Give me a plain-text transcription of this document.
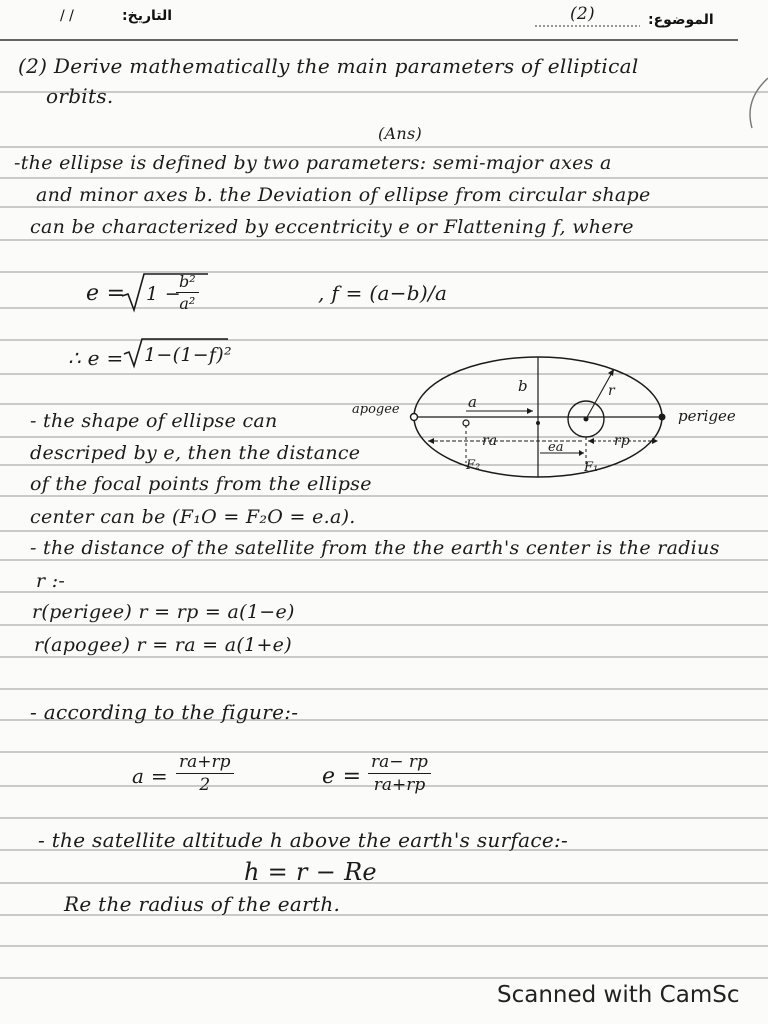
:التاريخ
/ /	:الموضوع
(2)
(2) Derive mathematically the main parameters of elliptical
orbits.
(Ans)
-the ellipse is defined by two parameters: semi-major axes a
and minor axes b. the Deviation of ellipse from circular shape
can be characterized by eccentricity e or Flattening f, where
e = 1 −
$\frac{\text{b²}}{\text{a²}}$	, f = (a−b)/a
∴ e = 1−(1−f)²
- the shape of ellipse can
descriped by e, then the distance
of the focal points from the ellipse
center can be (F₁O = F₂O = e.a).
apogee	perigee
a
b	r
ra	rp
ea
F₂	F₁
- the distance of the satellite from the the earth's center is the radius
r :-
r(perigee) r = rp = a(1−e)
r(apogee) r = ra = a(1+e)
- according to the figure:-
$a = \frac{ra+rp}{2}$	$e = \frac{ra- rp}{ra+rp}$
- the satellite altitude h above the earth's surface:-
h = r − Re
Re the radius of the earth.
Scanned with CamSc
